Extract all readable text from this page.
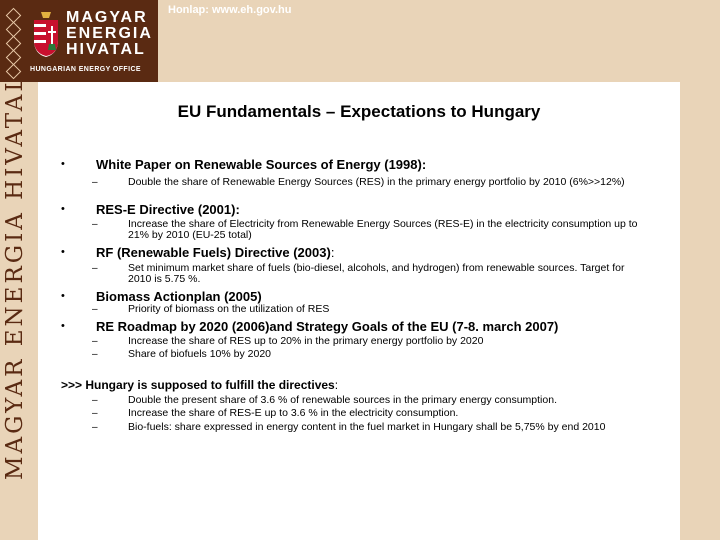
MAGYAR
ENERGIA
HIVATAL
HUNGARIAN ENERGY OFFICE
Honlap: www.eh.gov.hu
MAGYAR ENERGIA HIVATAL	EU Fundamentals – Expectations to Hungary
• White Paper on Renewable Sources of Energy (1998):
–	Double the share of Renewable Energy Sources (RES) in the primary energy portfolio by 2010 (6%>>12%)
• RES-E Directive (2001):
–	Increase the share of Electricity from Renewable Energy Sources (RES-E) in the electricity consumption up to 21% by 2010 (EU-25 total)
• RF (Renewable Fuels) Directive (2003):
–	Set minimum market share of fuels (bio-diesel, alcohols, and hydrogen) from renewable sources. Target for 2010 is 5.75 %.
• Biomass Actionplan (2005)
–	Priority of biomass on the utilization of RES
• RE Roadmap by 2020 (2006)and Strategy Goals of the EU (7-8. march 2007)
–	Increase the share of RES up to 20% in the primary energy portfolio by 2020
–	Share of biofuels 10% by 2020
>>> Hungary is supposed to fulfill the directives:
–	Double the present share of 3.6 % of renewable sources in the primary energy consumption.
–	Increase the share of RES-E up to 3.6 % in the electricity consumption.
–	Bio-fuels: share expressed in energy content in the fuel market in Hungary shall be 5,75% by end 2010
